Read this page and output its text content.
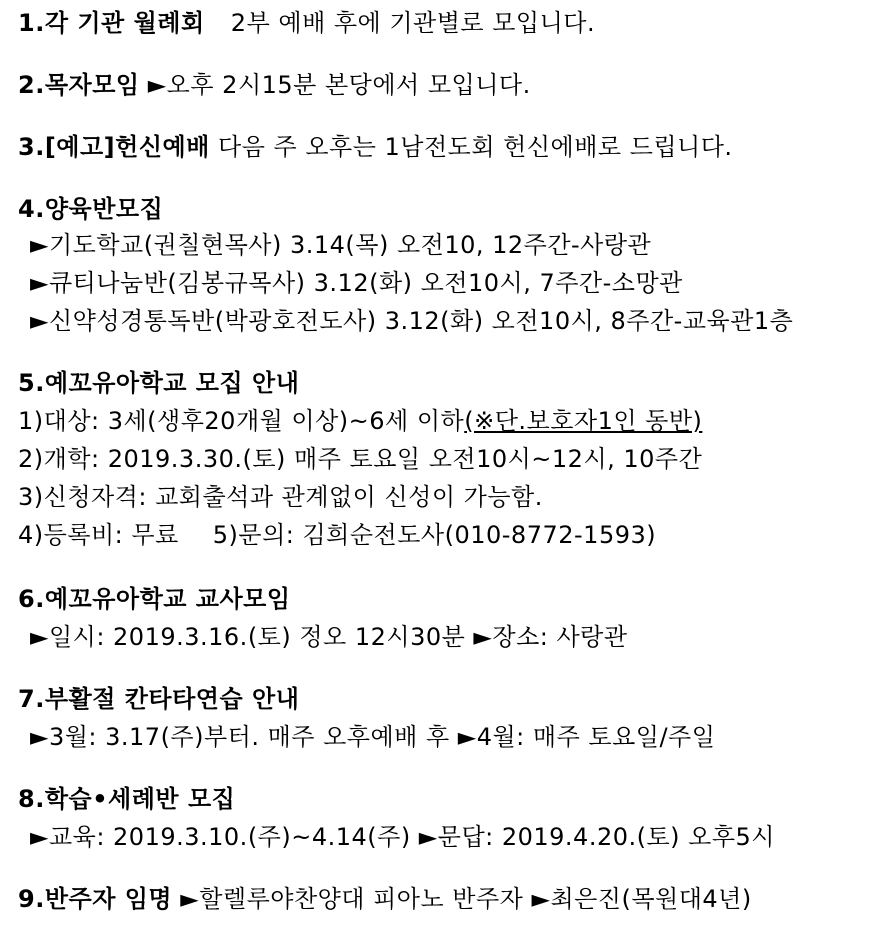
1.각 기관 월례회 2부 예배 후에 기관별로 모입니다.
2.목자모임 ►오후 2시15분 본당에서 모입니다.
3.[예고]헌신예배 다음 주 오후는 1남전도회 헌신에배로 드립니다.
4.양육반모집
►기도학교(권칠현목사) 3.14(목) 오전10, 12주간-사랑관
►큐티나눔반(김봉규목사) 3.12(화) 오전10시, 7주간-소망관
►신약성경통독반(박광호전도사) 3.12(화) 오전10시, 8주간-교육관1층
5.예꼬유아학교 모집 안내
1)대상: 3세(생후20개월 이상)~6세 이하(※단.보호자1인 동반)
2)개학: 2019.3.30.(토) 매주 토요일 오전10시~12시, 10주간
3)신청자격: 교회출석과 관계없이 신성이 가능함.
4)등록비: 무료 5)문의: 김희순전도사(010-8772-1593)
6.예꼬유아학교 교사모임
►일시: 2019.3.16.(토) 정오 12시30분 ►장소: 사랑관
7.부활절 칸타타연습 안내
►3월: 3.17(주)부터. 매주 오후예배 후 ►4월: 매주 토요일/주일
8.학습•세례반 모집
►교육: 2019.3.10.(주)~4.14(주) ►문답: 2019.4.20.(토) 오후5시
9.반주자 임명 ►할렐루야찬양대 피아노 반주자 ►최은진(목원대4년)
